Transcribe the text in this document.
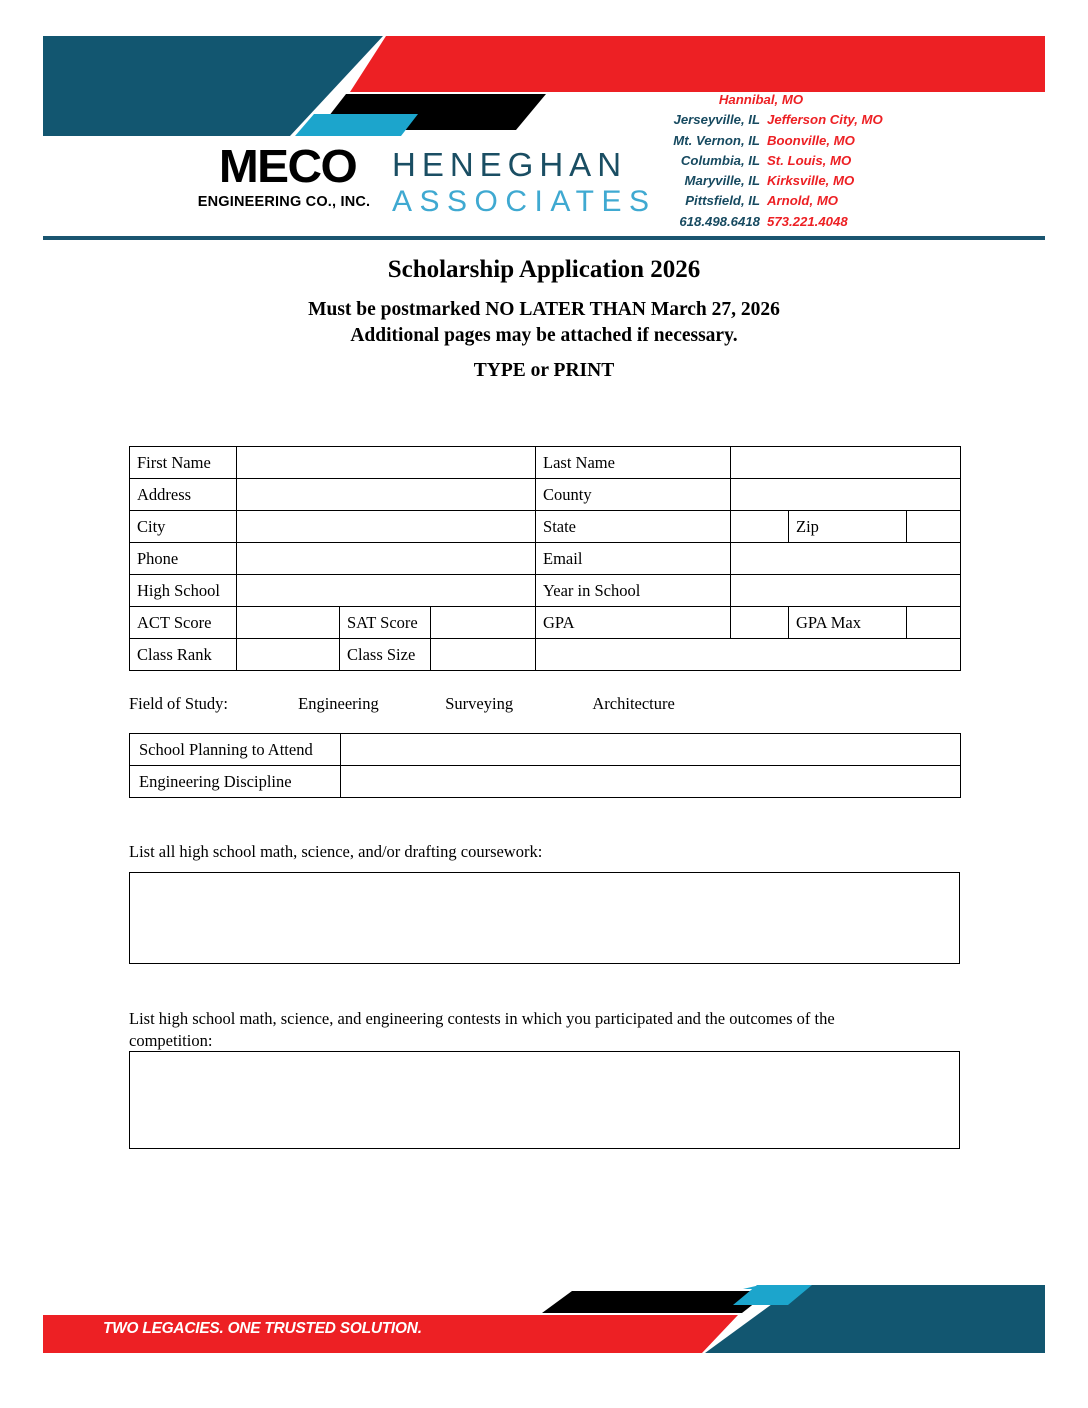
MECO
ENGINEERING CO., INC.
HENEGHAN
ASSOCIATES
Hannibal, MO
Jerseyville, IL Jefferson City, MO
Mt. Vernon, IL Boonville, MO
Columbia, IL St. Louis, MO
Maryville, IL Kirksville, MO
Pittsfield, IL Arnold, MO
618.498.6418 573.221.4048
Scholarship Application 2026
Must be postmarked NO LATER THAN March 27, 2026
Additional pages may be attached if necessary.
TYPE or PRINT
First Name				Last Name			
Address				County			
City				State		Zip	
Phone				Email			
High School				Year in School			
ACT Score		SAT Score		GPA		GPA Max	
Class Rank		Class Size					
Field of Study:	Engineering	Surveying	Architecture
School Planning to Attend	
Engineering Discipline	
List all high school math, science, and/or drafting coursework:
List high school math, science, and engineering contests in which you participated and the outcomes of the competition:
TWO LEGACIES. ONE TRUSTED SOLUTION.
